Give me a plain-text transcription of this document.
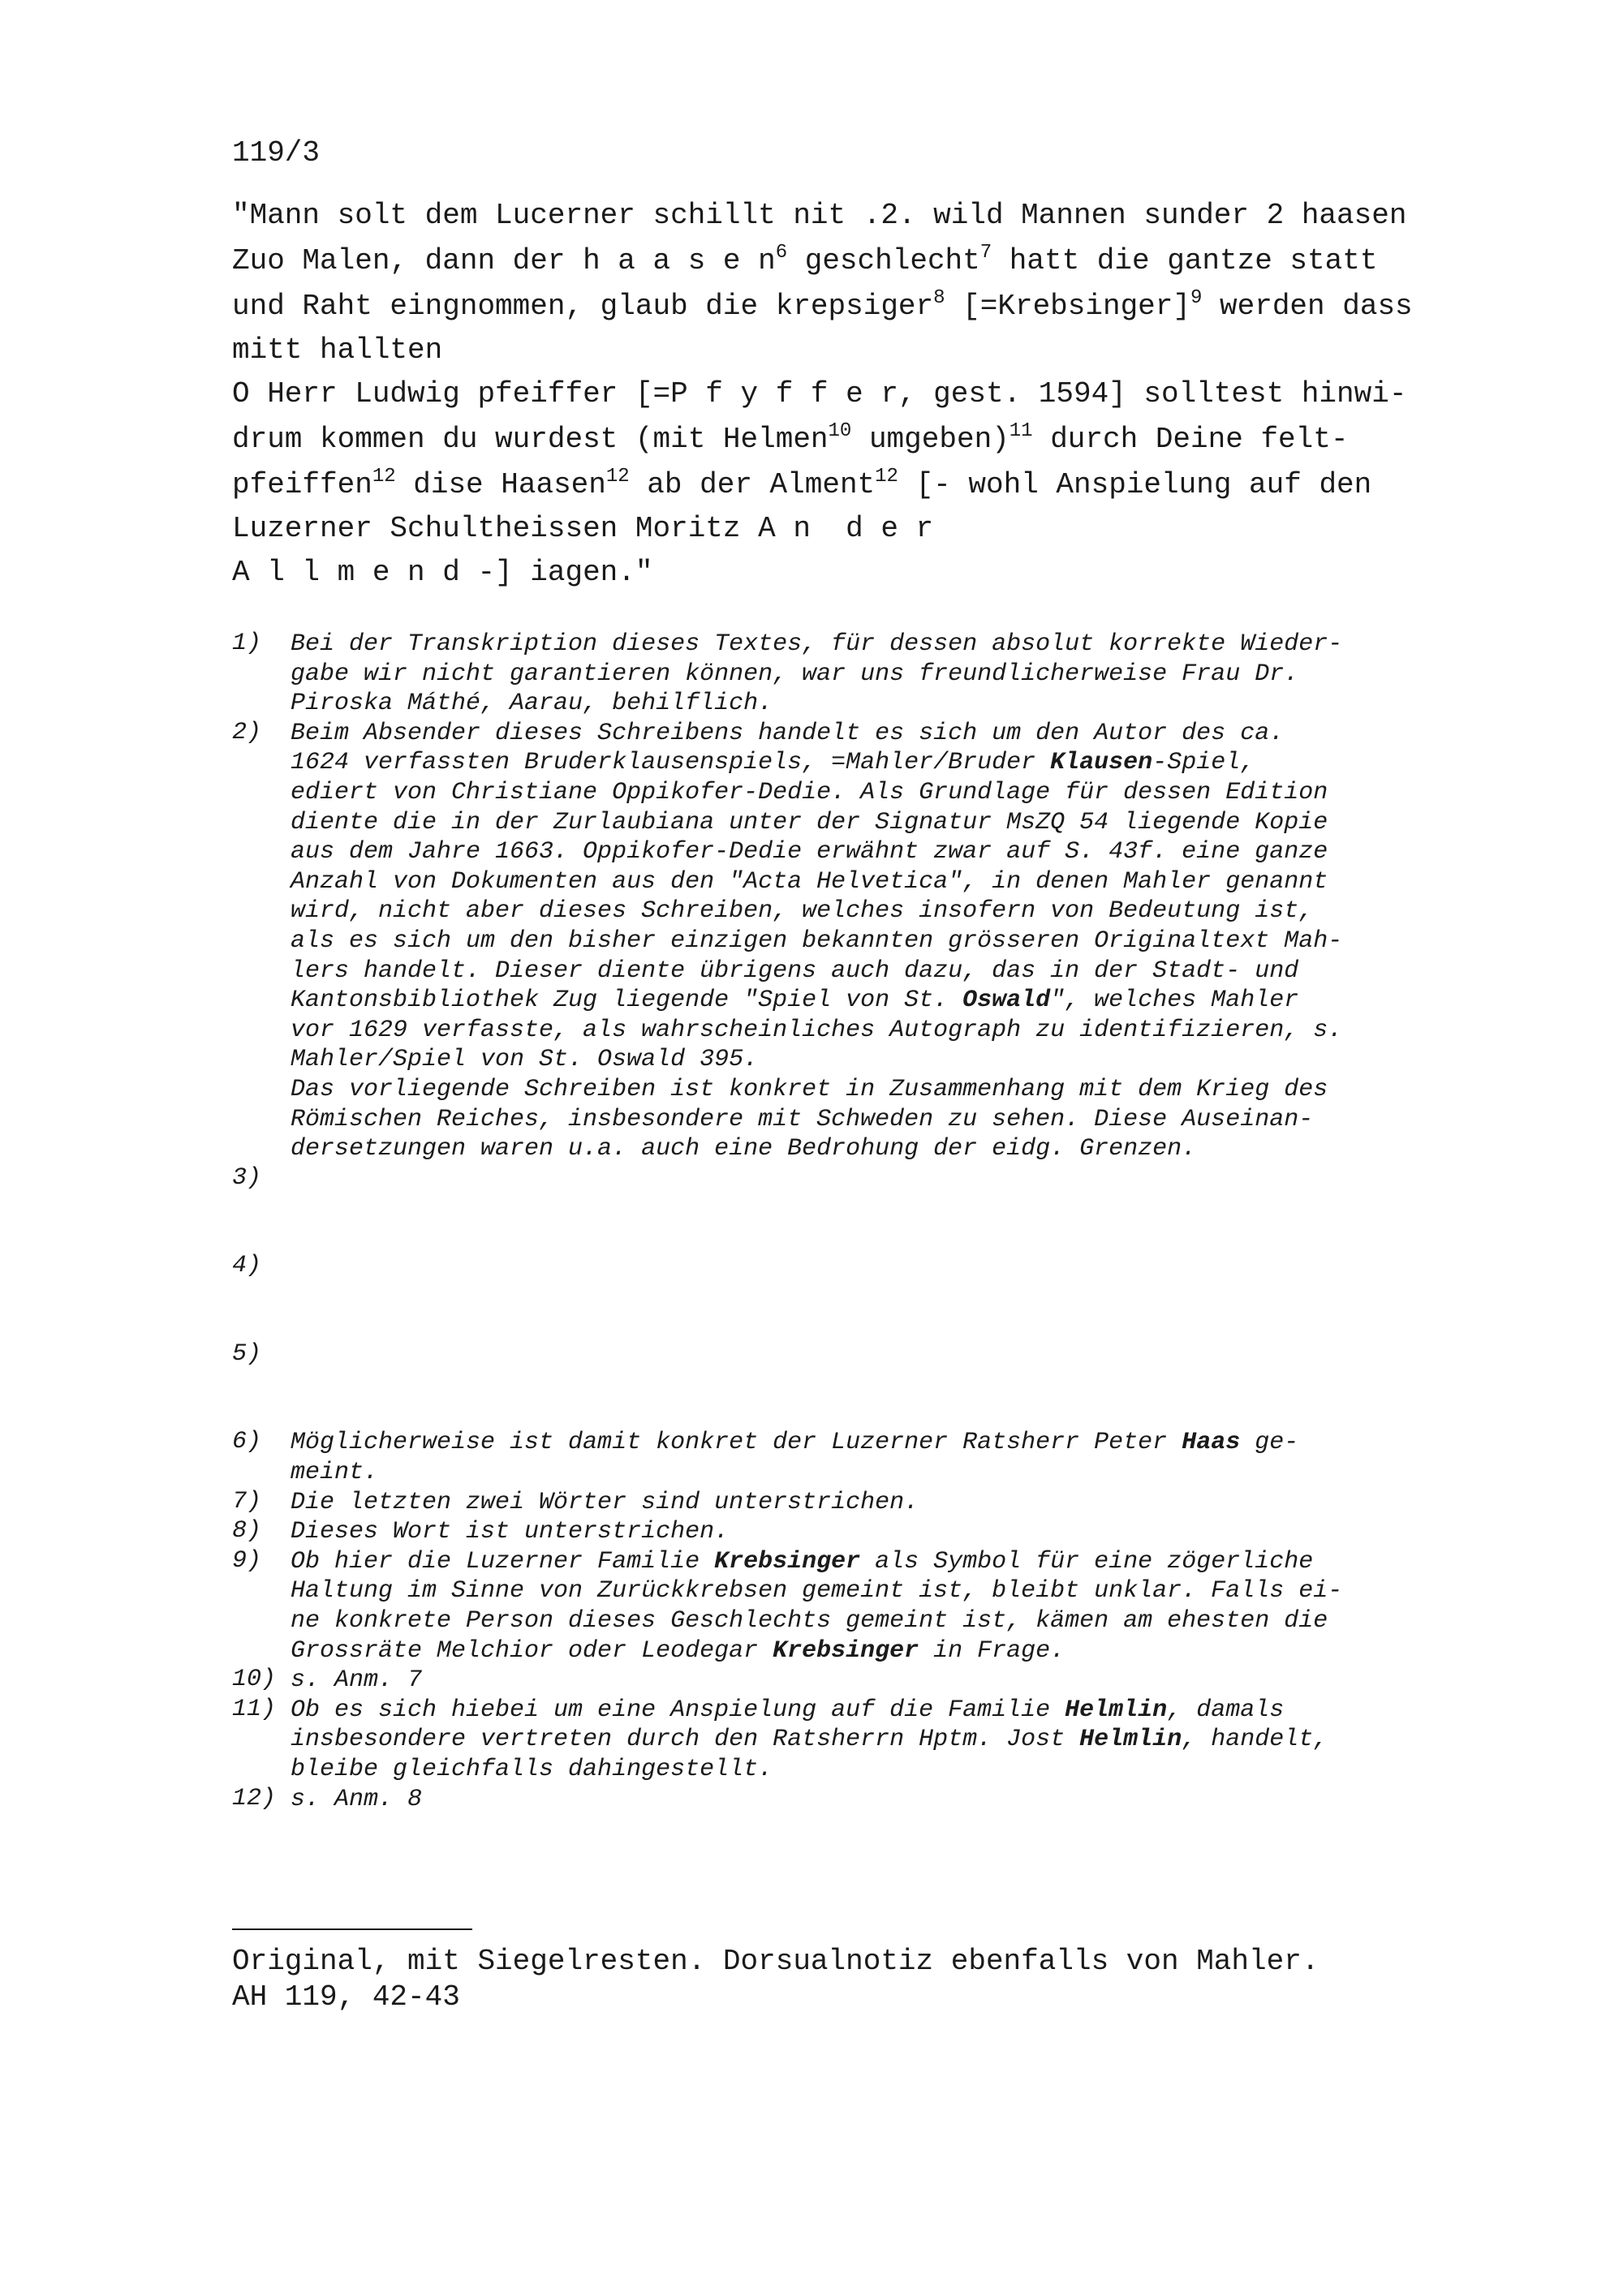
119/3
"Mann solt dem Lucerner schillt nit .2. wild Mannen sunder 2 haasen
Zuo Malen, dann der h a a s e $n^6$ geschlecht$^7$ hatt die gantze statt
und Raht eingnommen, glaub die krepsiger$^8$ [=Krebsinger]$^9$ werden dass
mitt hallten
O Herr Ludwig pfeiffer [=P f y f f e r, gest. 1594] solltest hinwi-
drum kommen du wurdest (mit Helmen$^{10}$ umgeben)$^{11}$ durch Deine felt-
pfeiffen$^{12}$ dise Haasen$^{12}$ ab der Alment$^{12}$ [- wohl Anspielung auf den
Luzerner Schultheissen Moritz A n  d e r
A l l m e n d -] iagen."
1) Bei der Transkription dieses Textes, für dessen absolut korrekte Wieder-
gabe wir nicht garantieren können, war uns freundlicherweise Frau Dr.
Piroska Máthé, Aarau, behilflich.
2) Beim Absender dieses Schreibens handelt es sich um den Autor des ca.
1624 verfassten Bruderklausenspiels, =Mahler/Bruder Klausen-Spiel,
ediert von Christiane Oppikofer-Dedie. Als Grundlage für dessen Edition
diente die in der Zurlaubiana unter der Signatur MsZQ 54 liegende Kopie
aus dem Jahre 1663. Oppikofer-Dedie erwähnt zwar auf S. 43f. eine ganze
Anzahl von Dokumenten aus den "Acta Helvetica", in denen Mahler genannt
wird, nicht aber dieses Schreiben, welches insofern von Bedeutung ist,
als es sich um den bisher einzigen bekannten grösseren Originaltext Mah-
lers handelt. Dieser diente übrigens auch dazu, das in der Stadt- und
Kantonsbibliothek Zug liegende "Spiel von St. Oswald", welches Mahler
vor 1629 verfasste, als wahrscheinliches Autograph zu identifizieren, s.
Mahler/Spiel von St. Oswald 395.
Das vorliegende Schreiben ist konkret in Zusammenhang mit dem Krieg des
Römischen Reiches, insbesondere mit Schweden zu sehen. Diese Auseinan-
dersetzungen waren u.a. auch eine Bedrohung der eidg. Grenzen.
3)
4)
5)
6) Möglicherweise ist damit konkret der Luzerner Ratsherr Peter Haas ge-
meint.
7) Die letzten zwei Wörter sind unterstrichen.
8) Dieses Wort ist unterstrichen.
9) Ob hier die Luzerner Familie Krebsinger als Symbol für eine zögerliche
Haltung im Sinne von Zurückkrebsen gemeint ist, bleibt unklar. Falls ei-
ne konkrete Person dieses Geschlechts gemeint ist, kämen am ehesten die
Grossräte Melchior oder Leodegar Krebsinger in Frage.
10) s. Anm. 7
11) Ob es sich hiebei um eine Anspielung auf die Familie Helmlin, damals
insbesondere vertreten durch den Ratsherrn Hptm. Jost Helmlin, handelt,
bleibe gleichfalls dahingestellt.
12) s. Anm. 8
Original, mit Siegelresten. Dorsualnotiz ebenfalls von Mahler.
AH 119, 42-43
